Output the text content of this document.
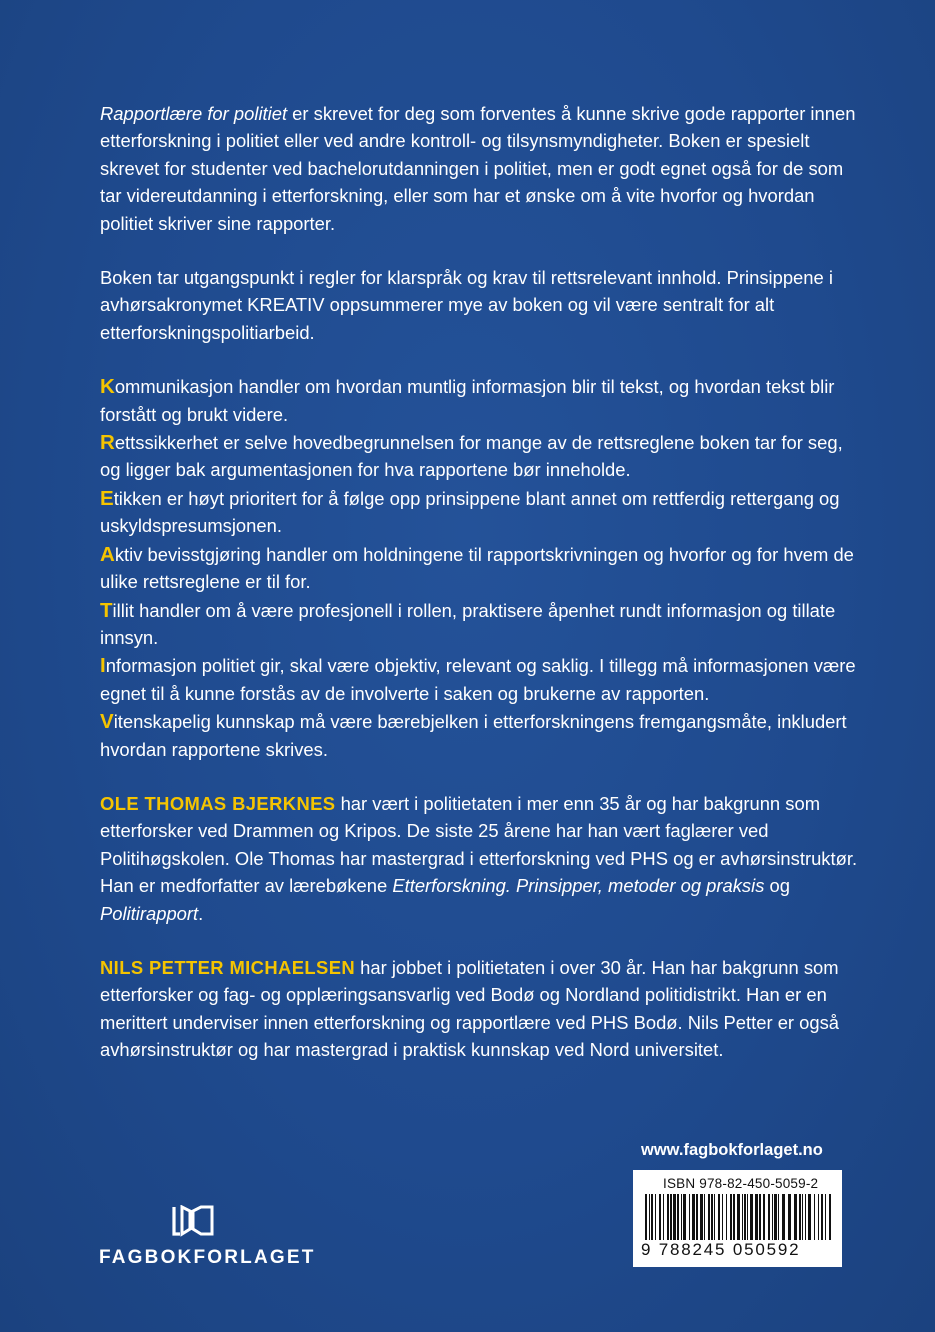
Rapportlære for politiet er skrevet for deg som forventes å kunne skrive gode rapporter innen etterforskning i politiet eller ved andre kontroll- og tilsynsmyndigheter. Boken er spesielt skrevet for studenter ved bachelorutdanningen i politiet, men er godt egnet også for de som tar videreutdanning i etterforskning, eller som har et ønske om å vite hvorfor og hvordan politiet skriver sine rapporter.

Boken tar utgangspunkt i regler for klarspråk og krav til rettsrelevant innhold. Prinsippene i avhørsakronymet KREATIV oppsummerer mye av boken og vil være sentralt for alt etterforskningspolitiarbeid.

Kommunikasjon handler om hvordan muntlig informasjon blir til tekst, og hvordan tekst blir forstått og brukt videre.
Rettssikkerhet er selve hovedbegrunnelsen for mange av de rettsreglene boken tar for seg, og ligger bak argumentasjonen for hva rapportene bør inneholde.
Etikken er høyt prioritert for å følge opp prinsippene blant annet om rettferdig rettergang og uskyldspresumsjonen.
Aktiv bevisstgjøring handler om holdningene til rapportskrivningen og hvorfor og for hvem de ulike rettsreglene er til for.
Tillit handler om å være profesjonell i rollen, praktisere åpenhet rundt informasjon og tillate innsyn.
Informasjon politiet gir, skal være objektiv, relevant og saklig. I tillegg må informasjonen være egnet til å kunne forstås av de involverte i saken og brukerne av rapporten.
Vitenskapelig kunnskap må være bærebjelken i etterforskningens fremgangsmåte, inkludert hvordan rapportene skrives.

OLE THOMAS BJERKNES har vært i politietaten i mer enn 35 år og har bakgrunn som etterforsker ved Drammen og Kripos. De siste 25 årene har han vært faglærer ved Politihøgskolen. Ole Thomas har mastergrad i etterforskning ved PHS og er avhørsinstruktør. Han er medforfatter av lærebøkene Etterforskning. Prinsipper, metoder og praksis og Politirapport.

NILS PETTER MICHAELSEN har jobbet i politietaten i over 30 år. Han har bakgrunn som etterforsker og fag- og opplæringsansvarlig ved Bodø og Nordland politidistrikt. Han er en merittert underviser innen etterforskning og rapportlære ved PHS Bodø. Nils Petter er også avhørsinstruktør og har mastergrad i praktisk kunnskap ved Nord universitet.

www.fagbokforlaget.no
ISBN 978-82-450-5059-2
9 788245 050592
FAGBOKFORLAGET
